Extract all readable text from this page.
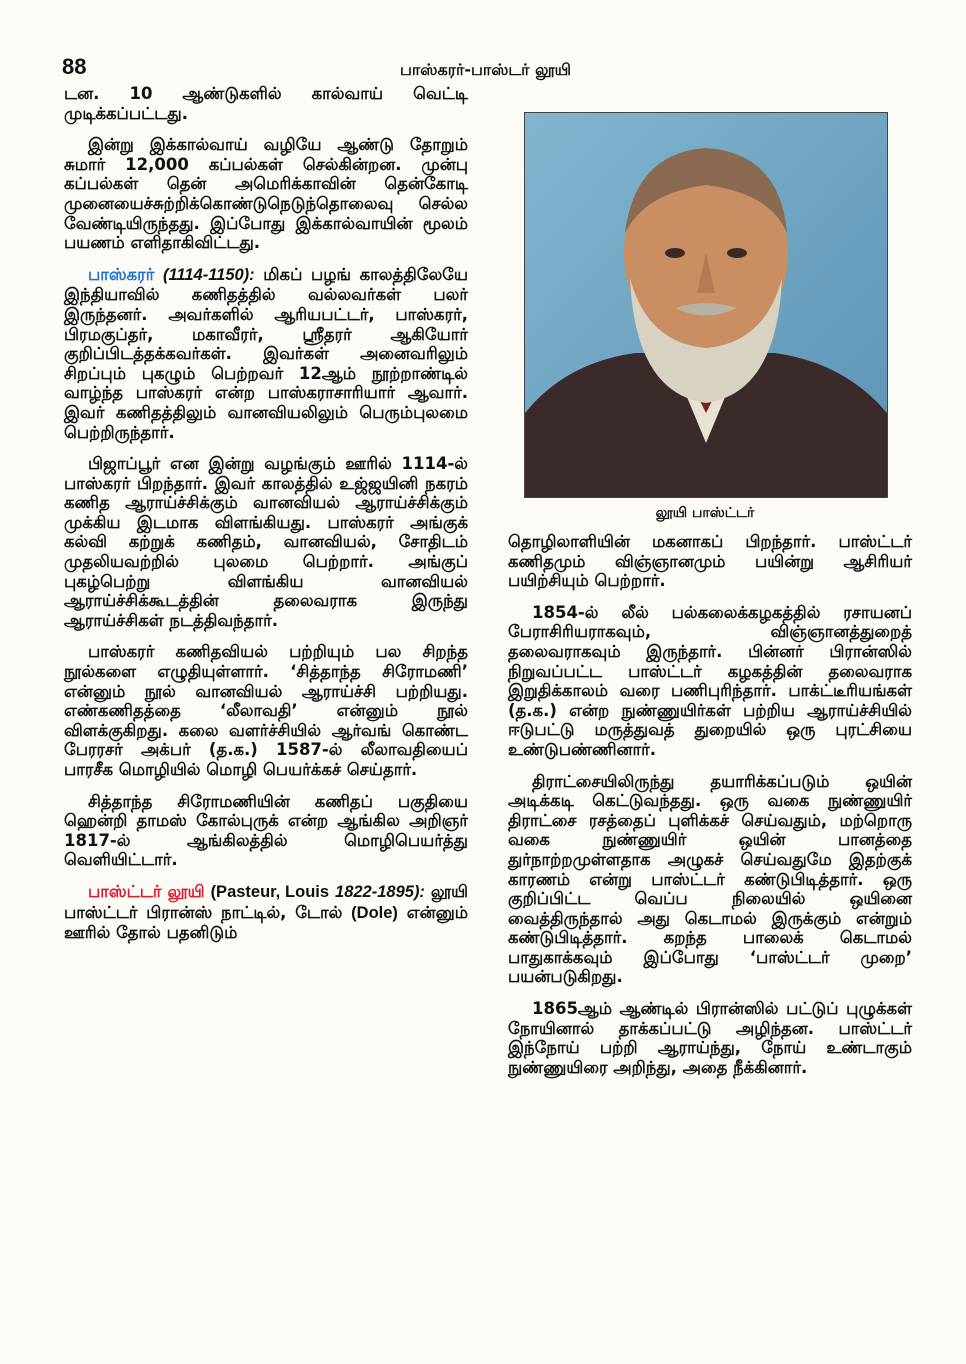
88	பாஸ்கரர்-பாஸ்டர் லூயி

டன. 10 ஆண்டுகளில் கால்வாய் வெட்டி முடிக்கப்பட்டது.

இன்று இக்கால்வாய் வழியே ஆண்டு தோறும் சுமார் 12,000 கப்பல்கள் செல்கின்றன. முன்பு கப்பல்கள் தென் அமெரிக்காவின் தென்கோடி முனையைச்சுற்றிக்கொண்டுநெடுந்தொலைவு செல்ல வேண்டியிருந்தது. இப்போது இக்கால்வாயின் மூலம் பயணம் எளிதாகிவிட்டது.

பாஸ்கரர் (1114-1150): மிகப் பழங் காலத்திலேயே இந்தியாவில் கணிதத்தில் வல்லவர்கள் பலர் இருந்தனர். அவர்களில் ஆரியபட்டர், பாஸ்கரர், பிரமகுப்தர், மகாவீரர், ஸ்ரீதரர் ஆகியோர் குறிப்பிடத்தக்கவர்கள். இவர்கள் அனைவரிலும் சிறப்பும் புகழும் பெற்றவர் 12ஆம் நூற்றாண்டில் வாழ்ந்த பாஸ்கரர் என்ற பாஸ்கராசாரியார் ஆவார். இவர் கணிதத்திலும் வானவியலிலும் பெரும்புலமை பெற்றிருந்தார்.

பிஜாப்பூர் என இன்று வழங்கும் ஊரில் 1114-ல் பாஸ்கரர் பிறந்தார். இவர் காலத்தில் உஜ்ஜயினி நகரம் கணித ஆராய்ச்சிக்கும் வானவியல் ஆராய்ச்சிக்கும் முக்கிய இடமாக விளங்கியது. பாஸ்கரர் அங்குக் கல்வி கற்றுக் கணிதம், வானவியல், சோதிடம் முதலியவற்றில் புலமை பெற்றார். அங்குப் புகழ்பெற்று விளங்கிய வானவியல் ஆராய்ச்சிக்கூடத்தின் தலைவராக இருந்து ஆராய்ச்சிகள் நடத்திவந்தார்.

பாஸ்கரர் கணிதவியல் பற்றியும் பல சிறந்த நூல்களை எழுதியுள்ளார். ‘சித்தாந்த சிரோமணி’ என்னும் நூல் வானவியல் ஆராய்ச்சி பற்றியது. எண்கணிதத்தை ‘லீலாவதி’ என்னும் நூல் விளக்குகிறது. கலை வளர்ச்சியில் ஆர்வங் கொண்ட பேரரசர் அக்பர் (த.க.) 1587-ல் லீலாவதியைப் பாரசீக மொழியில் மொழி பெயர்க்கச் செய்தார்.

சித்தாந்த சிரோமணியின் கணிதப் பகுதியை ஹென்றி தாமஸ் கோல்புருக் என்ற ஆங்கில அறிஞர் 1817-ல் ஆங்கிலத்தில் மொழிபெயர்த்து வெளியிட்டார்.

பாஸ்ட்டர் லூயி (Pasteur, Louis 1822-1895): லூயி பாஸ்ட்டர் பிரான்ஸ் நாட்டில், டோல் (Dole) என்னும் ஊரில் தோல் பதனிடும்

லூயி பாஸ்ட்டர்

தொழிலாளியின் மகனாகப் பிறந்தார். பாஸ்ட்டர் கணிதமும் விஞ்ஞானமும் பயின்று ஆசிரியர் பயிற்சியும் பெற்றார்.

1854-ல் லீல் பல்கலைக்கழகத்தில் ரசாயனப் பேராசிரியராகவும், விஞ்ஞானத்துறைத் தலைவராகவும் இருந்தார். பின்னர் பிரான்ஸில் நிறுவப்பட்ட பாஸ்ட்டர் கழகத்தின் தலைவராக இறுதிக்காலம் வரை பணிபுரிந்தார். பாக்ட்டீரியங்கள் (த.க.) என்ற நுண்ணுயிர்கள் பற்றிய ஆராய்ச்சியில் ஈடுபட்டு மருத்துவத் துறையில் ஒரு புரட்சியை உண்டுபண்ணினார்.

திராட்சையிலிருந்து தயாரிக்கப்படும் ஒயின் அடிக்கடி கெட்டுவந்தது. ஒரு வகை நுண்ணுயிர் திராட்சை ரசத்தைப் புளிக்கச் செய்வதும், மற்றொரு வகை நுண்ணுயிர் ஒயின் பானத்தை துர்நாற்றமுள்ளதாக அழுகச் செய்வதுமே இதற்குக் காரணம் என்று பாஸ்ட்டர் கண்டுபிடித்தார். ஒரு குறிப்பிட்ட வெப்ப நிலையில் ஒயினை வைத்திருந்தால் அது கெடாமல் இருக்கும் என்றும் கண்டுபிடித்தார். கறந்த பாலைக் கெடாமல் பாதுகாக்கவும் இப்போது ‘பாஸ்ட்டர் முறை’ பயன்படுகிறது.

1865ஆம் ஆண்டில் பிரான்ஸில் பட்டுப் புழுக்கள் நோயினால் தாக்கப்பட்டு அழிந்தன. பாஸ்ட்டர் இந்நோய் பற்றி ஆராய்ந்து, நோய் உண்டாகும் நுண்ணுயிரை அறிந்து, அதை நீக்கினார்.
